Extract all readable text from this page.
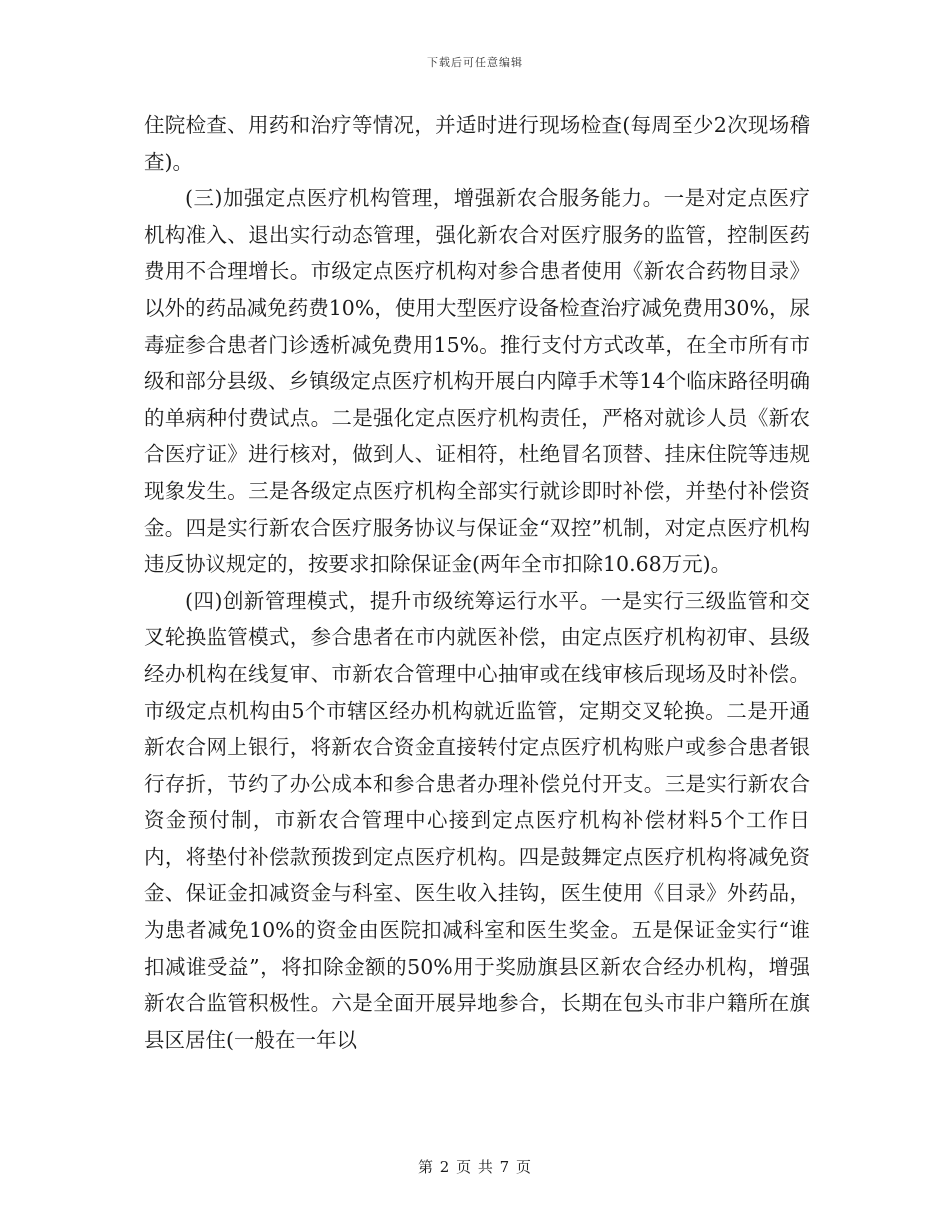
下载后可任意编辑

住院检查、用药和治疗等情况，并适时进行现场检查(每周至少2次现场稽查)。

(三)加强定点医疗机构管理，增强新农合服务能力。一是对定点医疗机构准入、退出实行动态管理，强化新农合对医疗服务的监管，控制医药费用不合理增长。市级定点医疗机构对参合患者使用《新农合药物目录》以外的药品减免药费10%，使用大型医疗设备检查治疗减免费用30%，尿毒症参合患者门诊透析减免费用15%。推行支付方式改革，在全市所有市级和部分县级、乡镇级定点医疗机构开展白内障手术等14个临床路径明确的单病种付费试点。二是强化定点医疗机构责任，严格对就诊人员《新农合医疗证》进行核对，做到人、证相符，杜绝冒名顶替、挂床住院等违规现象发生。三是各级定点医疗机构全部实行就诊即时补偿，并垫付补偿资金。四是实行新农合医疗服务协议与保证金“双控”机制，对定点医疗机构违反协议规定的，按要求扣除保证金(两年全市扣除10.68万元)。

(四)创新管理模式，提升市级统筹运行水平。一是实行三级监管和交叉轮换监管模式，参合患者在市内就医补偿，由定点医疗机构初审、县级经办机构在线复审、市新农合管理中心抽审或在线审核后现场及时补偿。市级定点机构由5个市辖区经办机构就近监管，定期交叉轮换。二是开通新农合网上银行，将新农合资金直接转付定点医疗机构账户或参合患者银行存折，节约了办公成本和参合患者办理补偿兑付开支。三是实行新农合资金预付制，市新农合管理中心接到定点医疗机构补偿材料5个工作日内，将垫付补偿款预拨到定点医疗机构。四是鼓舞定点医疗机构将减免资金、保证金扣减资金与科室、医生收入挂钩，医生使用《目录》外药品，为患者减免10%的资金由医院扣减科室和医生奖金。五是保证金实行“谁扣减谁受益”，将扣除金额的50%用于奖励旗县区新农合经办机构，增强新农合监管积极性。六是全面开展异地参合，长期在包头市非户籍所在旗县区居住(一般在一年以

第 2 页 共 7 页
